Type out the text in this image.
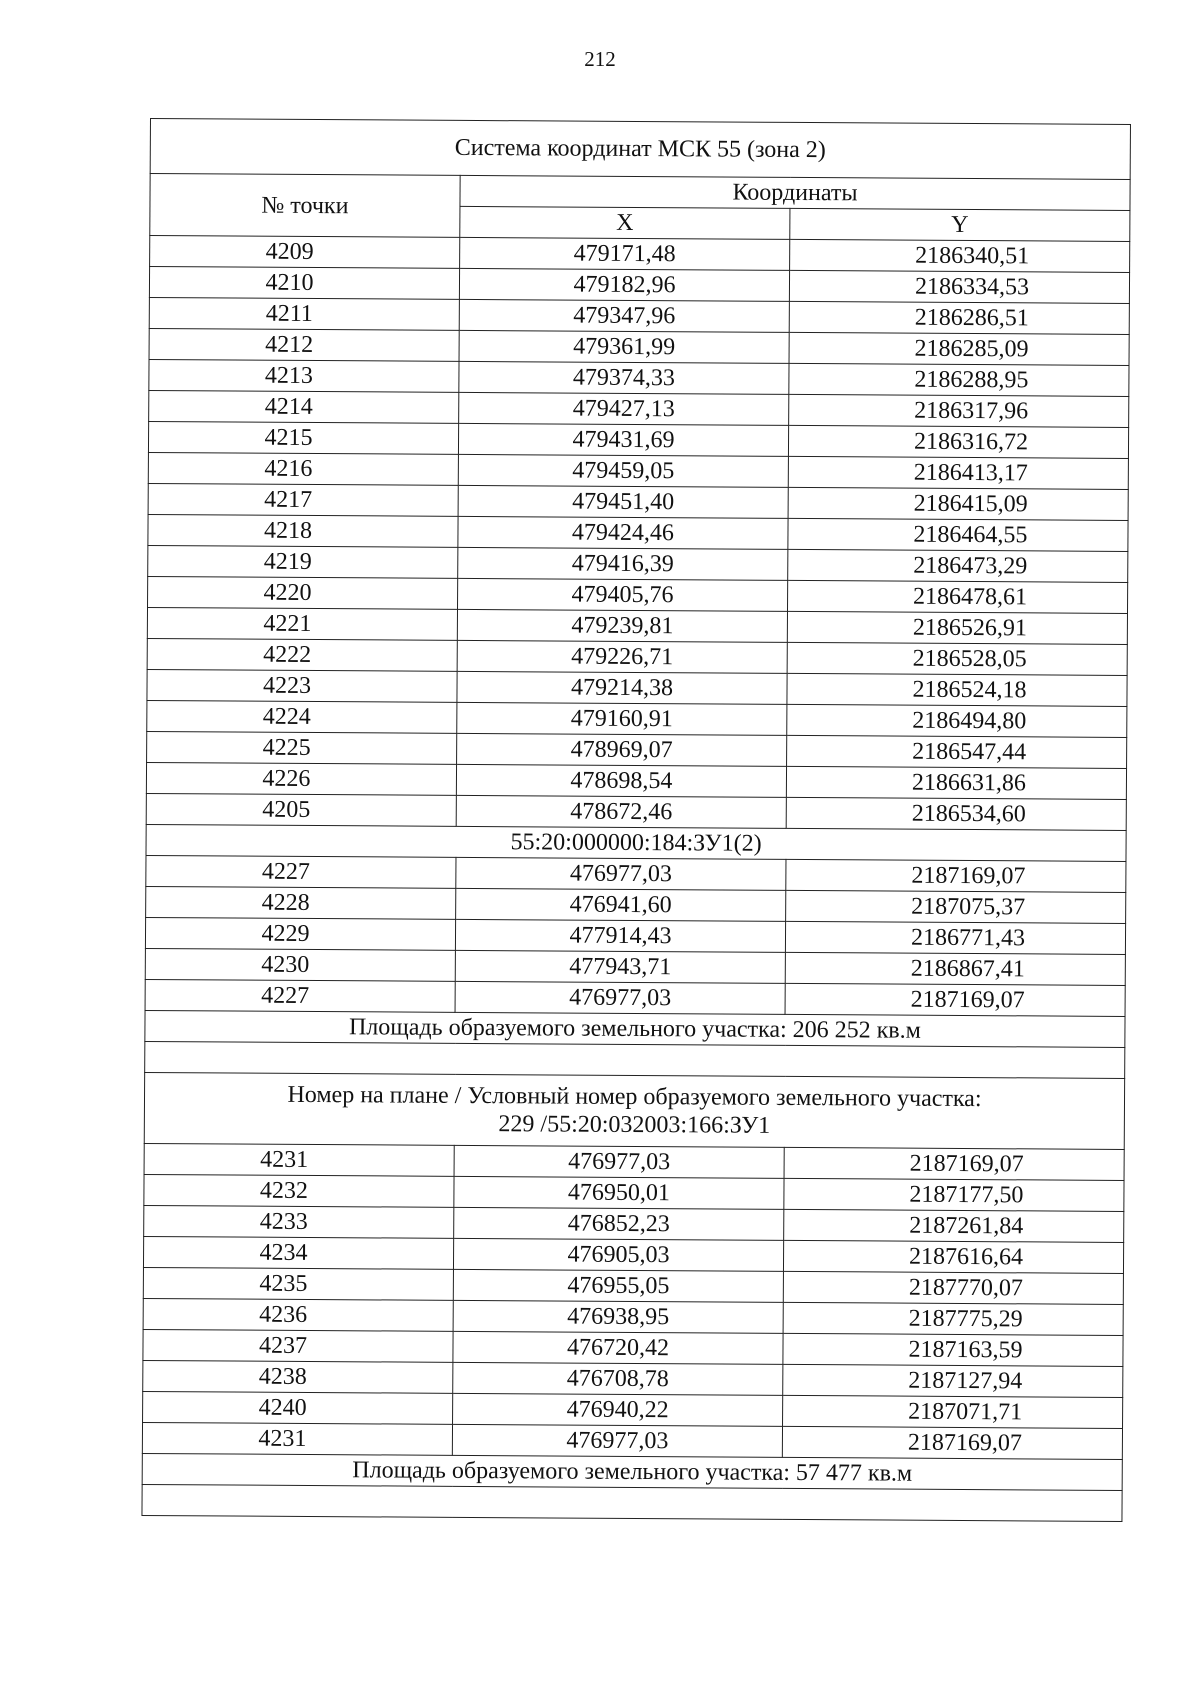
212
Система координат МСК 55 (зона 2)		
№ точки	Координаты	
	X	Y
4209	479171,48	2186340,51
4210	479182,96	2186334,53
4211	479347,96	2186286,51
4212	479361,99	2186285,09
4213	479374,33	2186288,95
4214	479427,13	2186317,96
4215	479431,69	2186316,72
4216	479459,05	2186413,17
4217	479451,40	2186415,09
4218	479424,46	2186464,55
4219	479416,39	2186473,29
4220	479405,76	2186478,61
4221	479239,81	2186526,91
4222	479226,71	2186528,05
4223	479214,38	2186524,18
4224	479160,91	2186494,80
4225	478969,07	2186547,44
4226	478698,54	2186631,86
4205	478672,46	2186534,60
55:20:000000:184:ЗУ1(2)		
4227	476977,03	2187169,07
4228	476941,60	2187075,37
4229	477914,43	2186771,43
4230	477943,71	2186867,41
4227	476977,03	2187169,07
Площадь образуемого земельного участка: 206 252 кв.м		

Номер на плане / Условный номер образуемого земельного участка:
229 /55:20:032003:166:ЗУ1		

4231	476977,03	2187169,07
4232	476950,01	2187177,50
4233	476852,23	2187261,84
4234	476905,03	2187616,64
4235	476955,05	2187770,07
4236	476938,95	2187775,29
4237	476720,42	2187163,59
4238	476708,78	2187127,94
4240	476940,22	2187071,71
4231	476977,03	2187169,07
Площадь образуемого земельного участка: 57 477 кв.м		
